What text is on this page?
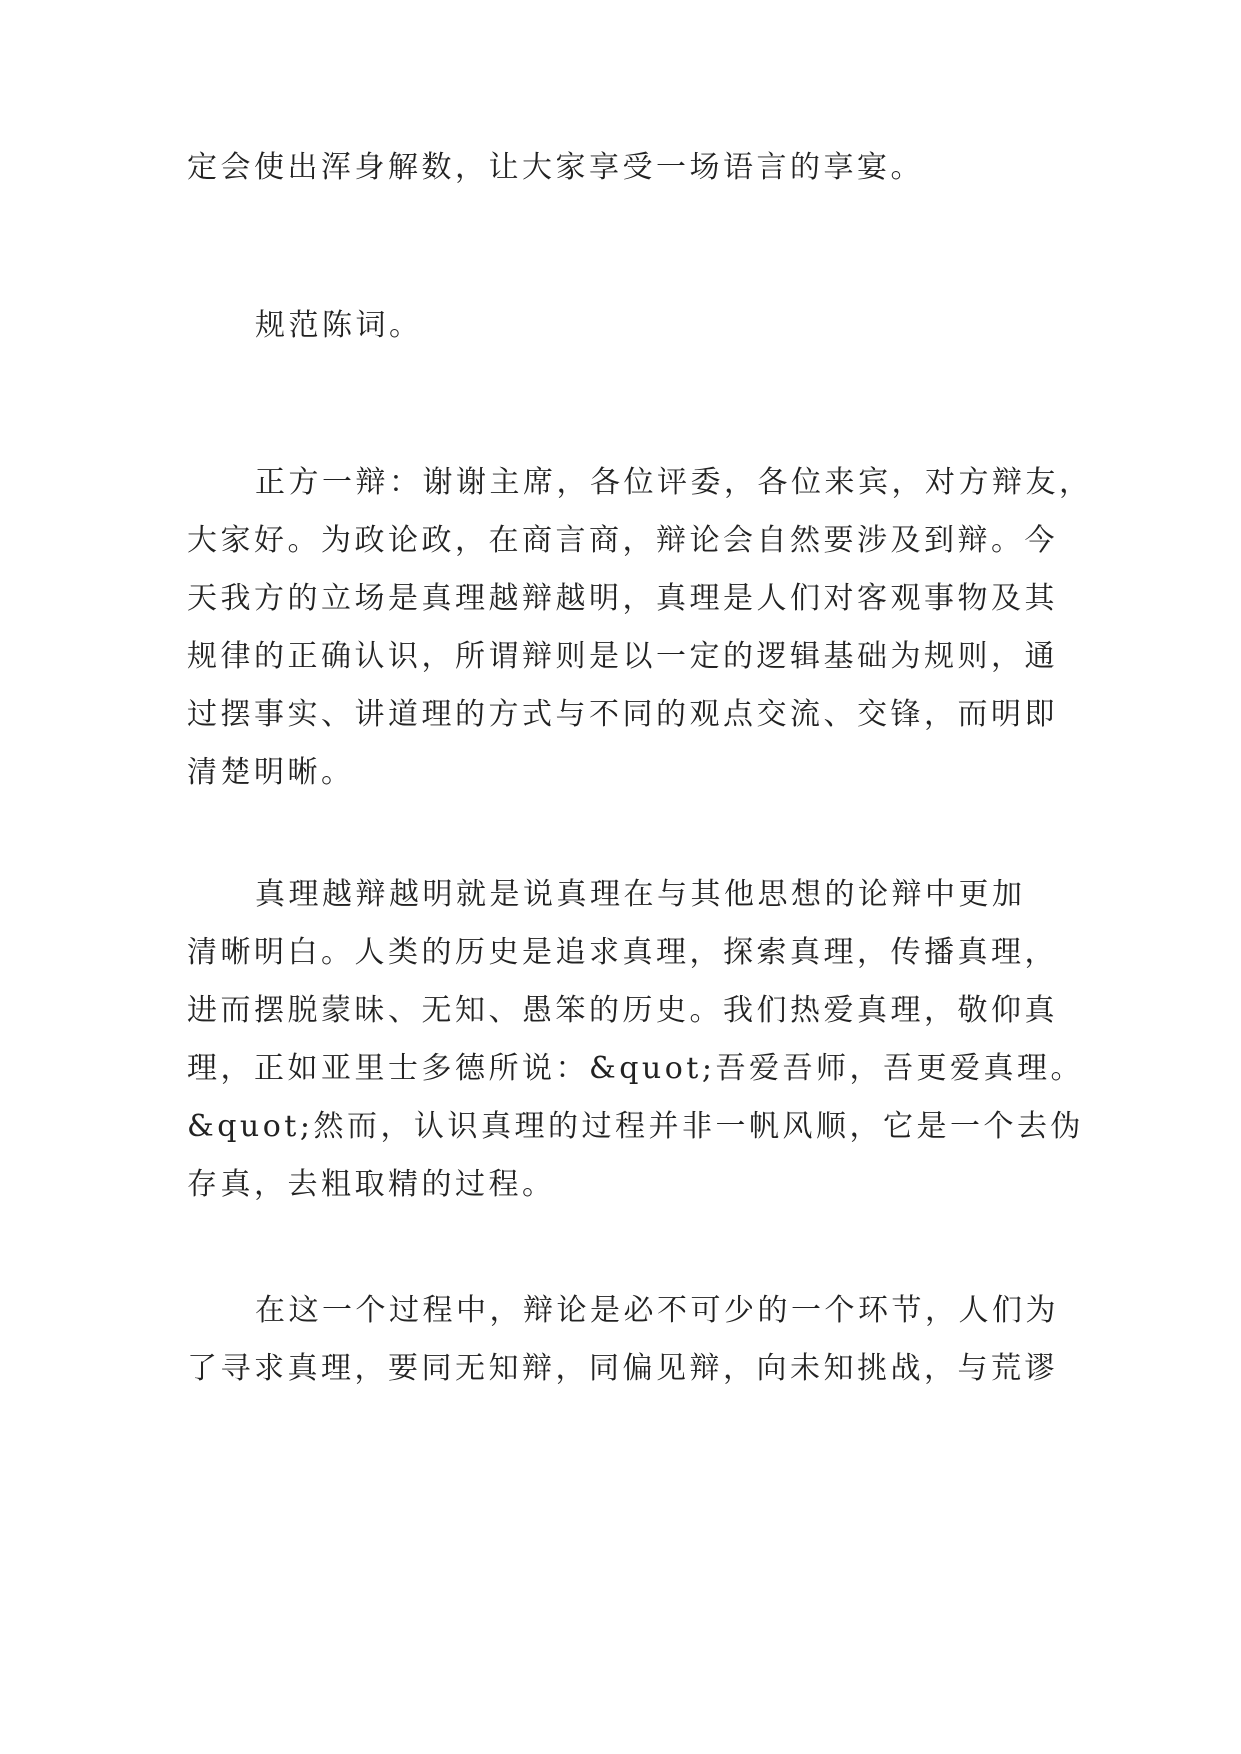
定会使出浑身解数，让大家享受一场语言的享宴。
规范陈词。
正方一辩：谢谢主席，各位评委，各位来宾，对方辩友，
大家好。为政论政，在商言商，辩论会自然要涉及到辩。今
天我方的立场是真理越辩越明，真理是人们对客观事物及其
规律的正确认识，所谓辩则是以一定的逻辑基础为规则，通
过摆事实、讲道理的方式与不同的观点交流、交锋，而明即
清楚明晰。
真理越辩越明就是说真理在与其他思想的论辩中更加
清晰明白。人类的历史是追求真理，探索真理，传播真理，
进而摆脱蒙昧、无知、愚笨的历史。我们热爱真理，敬仰真
理，正如亚里士多德所说：&quot;吾爱吾师，吾更爱真理。
&quot;然而，认识真理的过程并非一帆风顺，它是一个去伪
存真，去粗取精的过程。
在这一个过程中，辩论是必不可少的一个环节，人们为
了寻求真理，要同无知辩，同偏见辩，向未知挑战，与荒谬
